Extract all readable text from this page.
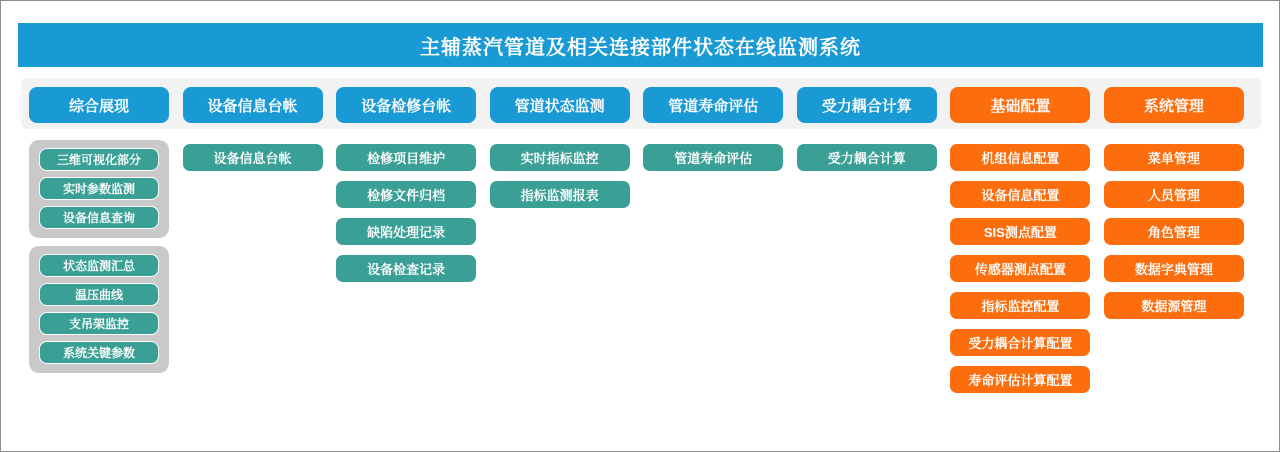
主辅蒸汽管道及相关连接部件状态在线监测系统
综合展现
三维可视化部分
实时参数监测
设备信息查询
状态监测汇总
温压曲线
支吊架监控
系统关键参数
设备信息台帐
设备信息台帐
设备检修台帐
检修项目维护
检修文件归档
缺陷处理记录
设备检查记录
管道状态监测
实时指标监控
指标监测报表
管道寿命评估
管道寿命评估
受力耦合计算
受力耦合计算
基础配置
机组信息配置
设备信息配置
SIS测点配置
传感器测点配置
指标监控配置
受力耦合计算配置
寿命评估计算配置
系统管理
菜单管理
人员管理
角色管理
数据字典管理
数据源管理
